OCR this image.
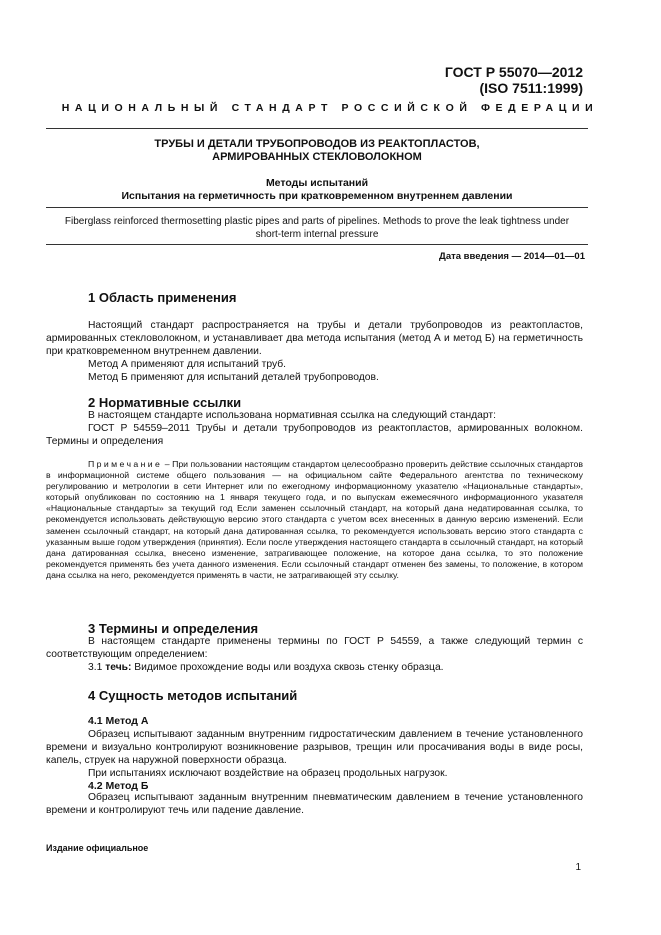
ГОСТ Р 55070—2012
(ISO 7511:1999)
НАЦИОНАЛЬНЫЙ СТАНДАРТ РОССИЙСКОЙ ФЕДЕРАЦИИ
ТРУБЫ И ДЕТАЛИ ТРУБОПРОВОДОВ ИЗ РЕАКТОПЛАСТОВ,
АРМИРОВАННЫХ СТЕКЛОВОЛОКНОМ
Методы испытаний
Испытания на герметичность при кратковременном внутреннем давлении
Fiberglass reinforced thermosetting plastic pipes and parts of pipelines. Methods to prove the leak tightness under
short-term internal pressure
Дата введения — 2014—01—01
1 Область применения

Настоящий стандарт распространяется на трубы и детали трубопроводов из реактопластов, армированных стекловолокном, и устанавливает два метода испытания (метод А и метод Б) на герметичность при кратковременном внутреннем давлении.

Метод А применяют для испытаний труб.

Метод Б применяют для испытаний деталей трубопроводов.

2 Нормативные ссылки

В настоящем стандарте использована нормативная ссылка на следующий стандарт:

ГОСТ Р 54559–2011 Трубы и детали трубопроводов из реактопластов, армированных волокном. Термины и определения

Примечание – При пользовании настоящим стандартом целесообразно проверить действие ссылочных стандартов в информационной системе общего пользования — на официальном сайте Федерального агентства по техническому регулированию и метрологии в сети Интернет или по ежегодному информационному указателю «Национальные стандарты», который опубликован по состоянию на 1 января текущего года, и по выпускам ежемесячного информационного указателя «Национальные стандарты» за текущий год Если заменен ссылочный стандарт, на который дана недатированная ссылка, то рекомендуется использовать действующую версию этого стандарта с учетом всех внесенных в данную версию изменений. Если заменен ссылочный стандарт, на который дана датированная ссылка, то рекомендуется использовать версию этого стандарта с указанным выше годом утверждения (принятия). Если после утверждения настоящего стандарта в ссылочный стандарт, на который дана датированная ссылка, внесено изменение, затрагивающее положение, на которое дана ссылка, то это положение рекомендуется применять без учета данного изменения. Если ссылочный стандарт отменен без замены, то положение, в котором дана ссылка на него, рекомендуется применять в части, не затрагивающей эту ссылку.
3 Термины и определения

В настоящем стандарте применены термины по ГОСТ Р 54559, а также следующий термин с соответствующим определением:

3.1 течь: Видимое прохождение воды или воздуха сквозь стенку образца.

4 Сущность методов испытаний
4.1 Метод А

Образец испытывают заданным внутренним гидростатическим давлением в течение установленного времени и визуально контролируют возникновение разрывов, трещин или просачивания воды в виде росы, капель, струек на наружной поверхности образца.

При испытаниях исключают воздействие на образец продольных нагрузок.

4.2 Метод Б

Образец испытывают заданным внутренним пневматическим давлением в течение установленного времени и контролируют течь или падение давление.

Издание официальное
1
